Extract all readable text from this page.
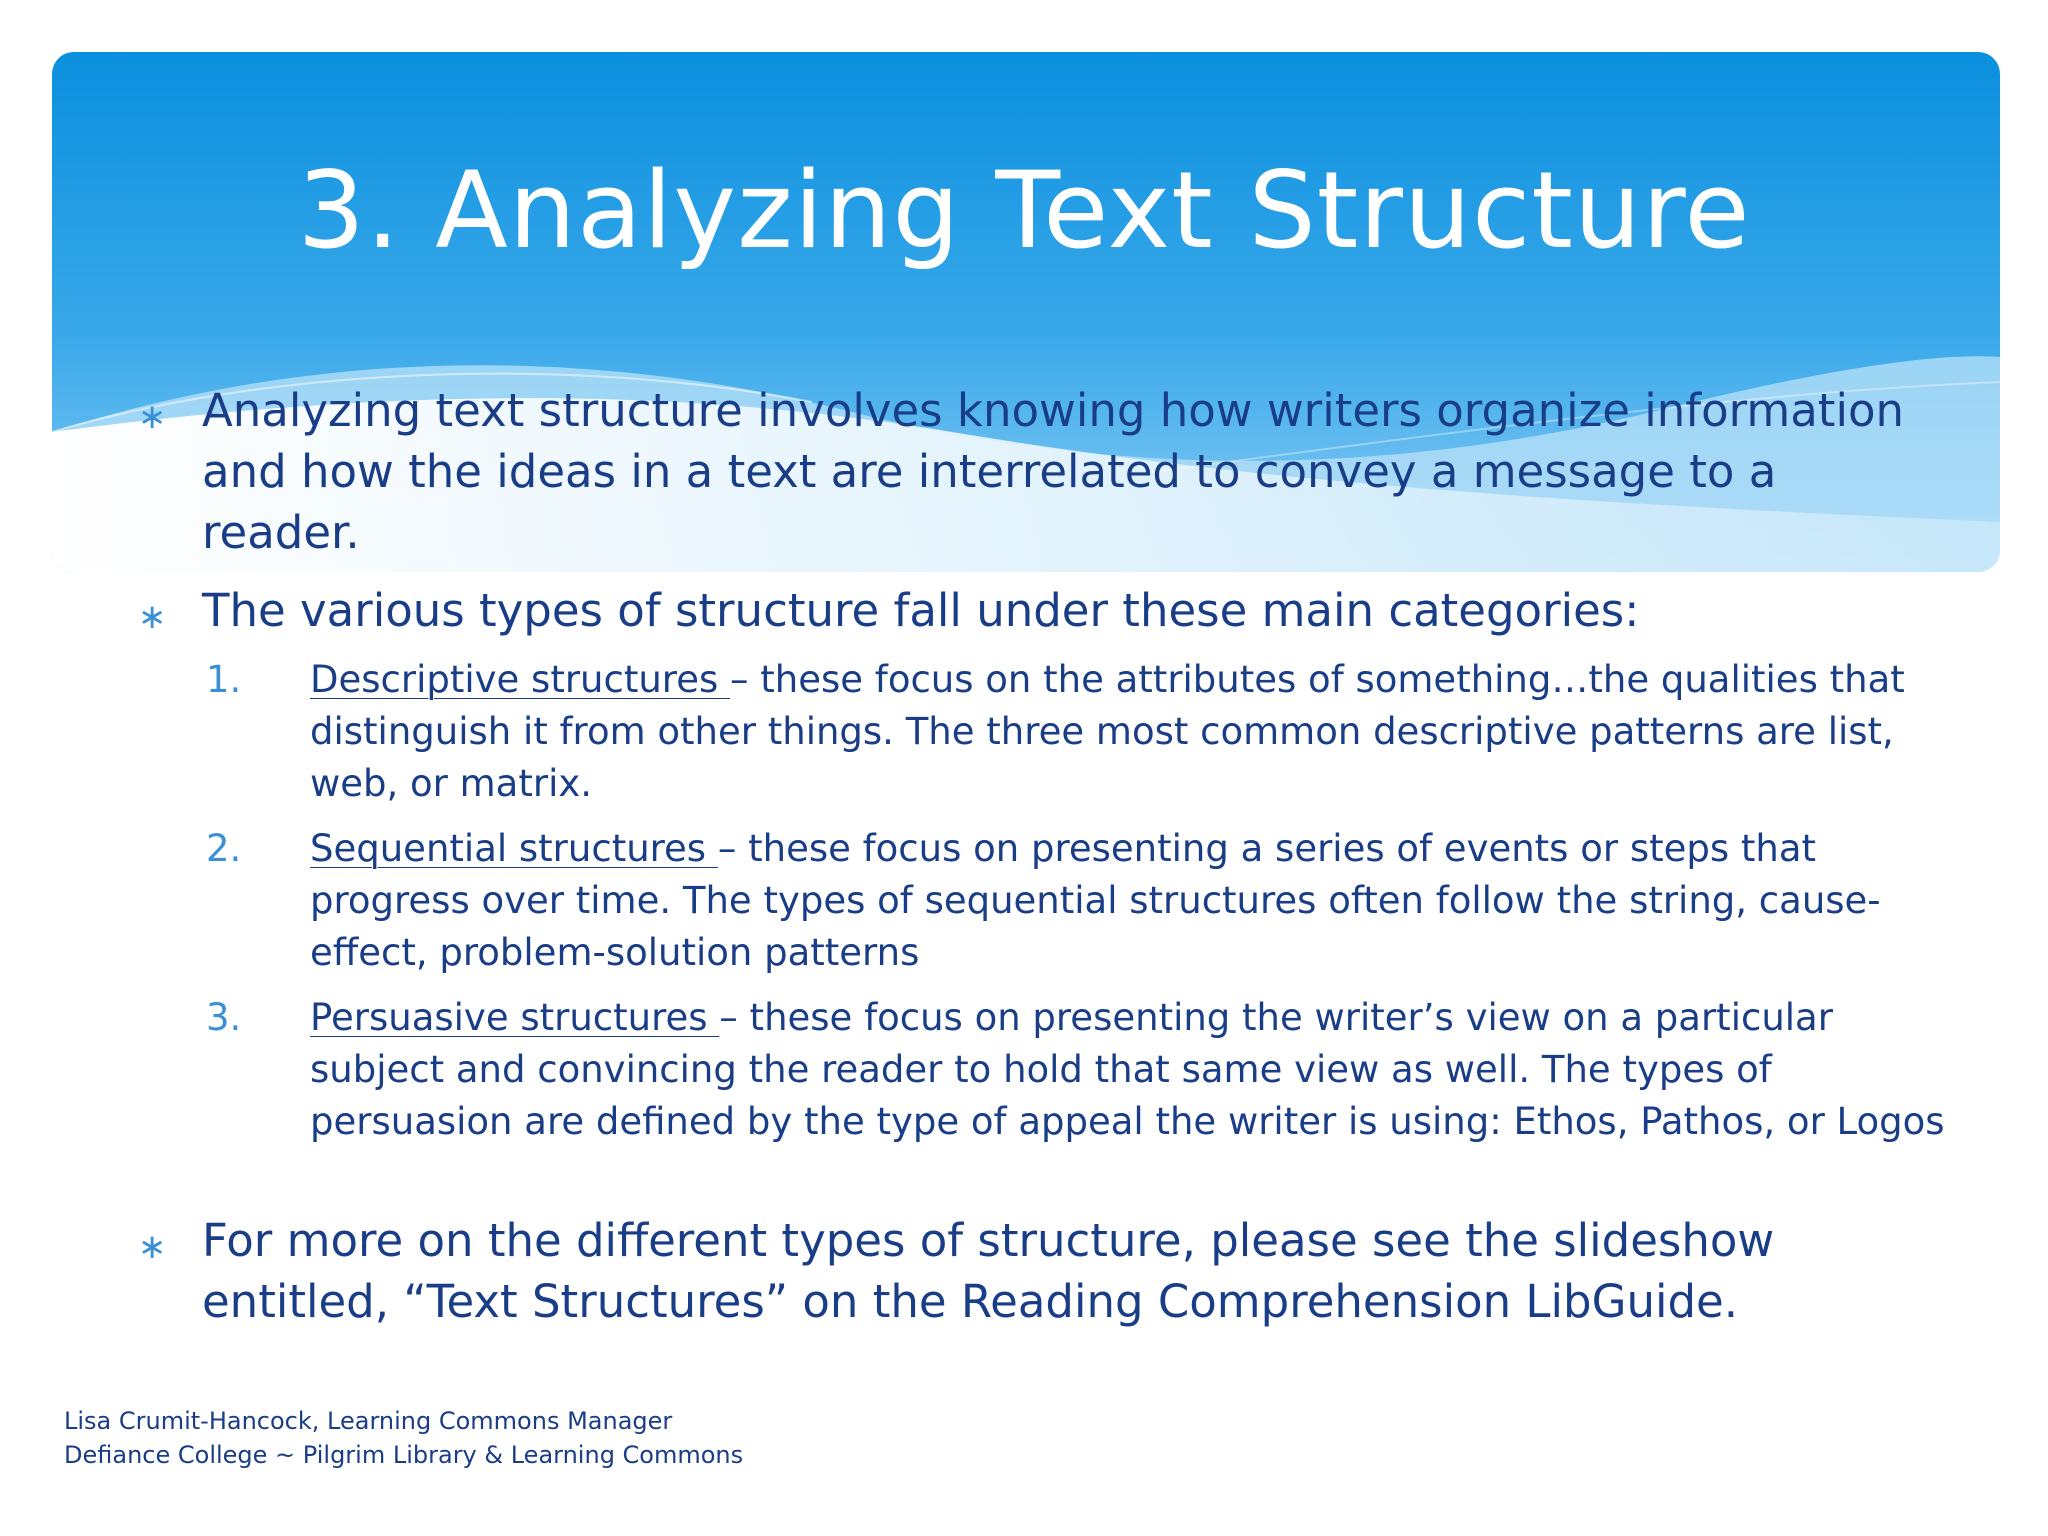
3. Analyzing Text Structure
∗ Analyzing text structure involves knowing how writers organize information and how the ideas in a text are interrelated to convey a message to a reader.
∗ The various types of structure fall under these main categories:
1. Descriptive structures – these focus on the attributes of something…the qualities that distinguish it from other things. The three most common descriptive patterns are list, web, or matrix.
2. Sequential structures – these focus on presenting a series of events or steps that progress over time. The types of sequential structures often follow the string, cause-effect, problem-solution patterns
3. Persuasive structures – these focus on presenting the writer’s view on a particular subject and convincing the reader to hold that same view as well. The types of persuasion are defined by the type of appeal the writer is using: Ethos, Pathos, or Logos
∗ For more on the different types of structure, please see the slideshow entitled, “Text Structures” on the Reading Comprehension LibGuide.
Lisa Crumit-Hancock, Learning Commons Manager
Defiance College ~ Pilgrim Library & Learning Commons
